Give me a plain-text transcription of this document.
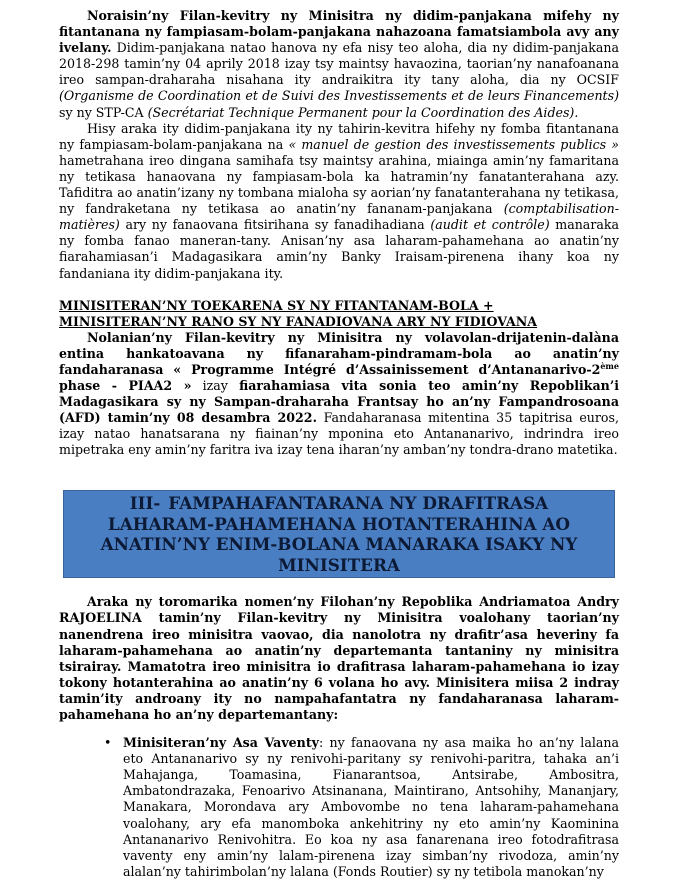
Noraisin’ny Filan-kevitry ny Minisitra ny didim-panjakana mifehy ny fitantanana ny fampiasam-bolam-panjakana nahazoana famatsiambola avy any ivelany. Didim-panjakana natao hanova ny efa nisy teo aloha, dia ny didim-panjakana 2018-298 tamin’ny 04 aprily 2018 izay tsy maintsy havaozina, taorian’ny nanafoanana ireo sampan-draharaha nisahana ity andraikitra ity tany aloha, dia ny OCSIF (Organisme de Coordination et de Suivi des Investissements et de leurs Financements) sy ny STP-CA (Secrétariat Technique Permanent pour la Coordination des Aides).

Hisy araka ity didim-panjakana ity ny tahirin-kevitra hifehy ny fomba fitantanana ny fampiasam-bolam-panjakana na « manuel de gestion des investissements publics » hametrahana ireo dingana samihafa tsy maintsy arahina, miainga amin’ny famaritana ny tetikasa hanaovana ny fampiasam-bola ka hatramin’ny fanatanterahana azy. Tafiditra ao anatin’izany ny tombana mialoha sy aorian’ny fanatanterahana ny tetikasa, ny fandraketana ny tetikasa ao anatin’ny fananam-panjakana (comptabilisation-matières) ary ny fanaovana fitsirihana sy fanadihadiana (audit et contrôle) manaraka ny fomba fanao maneran-tany. Anisan’ny asa laharam-pahamehana ao anatin’ny fiarahamiasan’i Madagasikara amin’ny Banky Iraisam-pirenena ihany koa ny fandaniana ity didim-panjakana ity.

MINISITERAN’NY TOEKARENA SY NY FITANTANAM-BOLA + MINISITERAN’NY RANO SY NY FANADIOVANA ARY NY FIDIOVANA

Nolanian’ny Filan-kevitry ny Minisitra ny volavolan-drijatenin-dalàna entina hankatoavana ny fifanaraham-pindramam-bola ao anatin’ny fandaharanasa « Programme Intégré d’Assainissement d’Antananarivo-2ème phase - PIAA2 » izay fiarahamiasa vita sonia teo amin’ny Repoblikan’i Madagasikara sy ny Sampan-draharaha Frantsay ho an’ny Fampandrosoana (AFD) tamin’ny 08 desambra 2022. Fandaharanasa mitentina 35 tapitrisa euros, izay natao hanatsarana ny fiainan’ny mponina eto Antananarivo, indrindra ireo mipetraka eny amin’ny faritra iva izay tena iharan’ny amban’ny tondra-drano matetika.

III- FAMPAHAFANTARANA NY DRAFITRASA LAHARAM-PAHAMEHANA HOTANTERAHINA AO ANATIN’NY ENIM-BOLANA MANARAKA ISAKY NY MINISITERA

Araka ny toromarika nomen’ny Filohan’ny Repoblika Andriamatoa Andry RAJOELINA tamin’ny Filan-kevitry ny Minisitra voalohany taorian’ny nanendrena ireo minisitra vaovao, dia nanolotra ny drafitr’asa heveriny fa laharam-pahamehana ao anatin’ny departemanta tantaniny ny minisitra tsirairay. Mamatotra ireo minisitra io drafitrasa laharam-pahamehana io izay tokony hotanterahina ao anatin’ny 6 volana ho avy. Minisitera miisa 2 indray tamin’ity androany ity no nampahafantatra ny fandaharanasa laharam-pahamehana ho an’ny departemantany:

• Minisiteran’ny Asa Vaventy: ny fanaovana ny asa maika ho an’ny lalana eto Antananarivo sy ny renivohi-paritany sy renivohi-paritra, tahaka an’i Mahajanga, Toamasina, Fianarantsoa, Antsirabe, Ambositra, Ambatondrazaka, Fenoarivo Atsinanana, Maintirano, Antsohihy, Mananjary, Manakara, Morondava ary Ambovombe no tena laharam-pahamehana voalohany, ary efa manomboka ankehitriny ny eto amin’ny Kaominina Antananarivo Renivohitra. Eo koa ny asa fanarenana ireo fotodrafitrasa vaventy eny amin’ny lalam-pirenena izay simban’ny rivodoza, amin’ny alalan’ny tahirimbolan’ny lalana (Fonds Routier) sy ny tetibola manokan’ny
